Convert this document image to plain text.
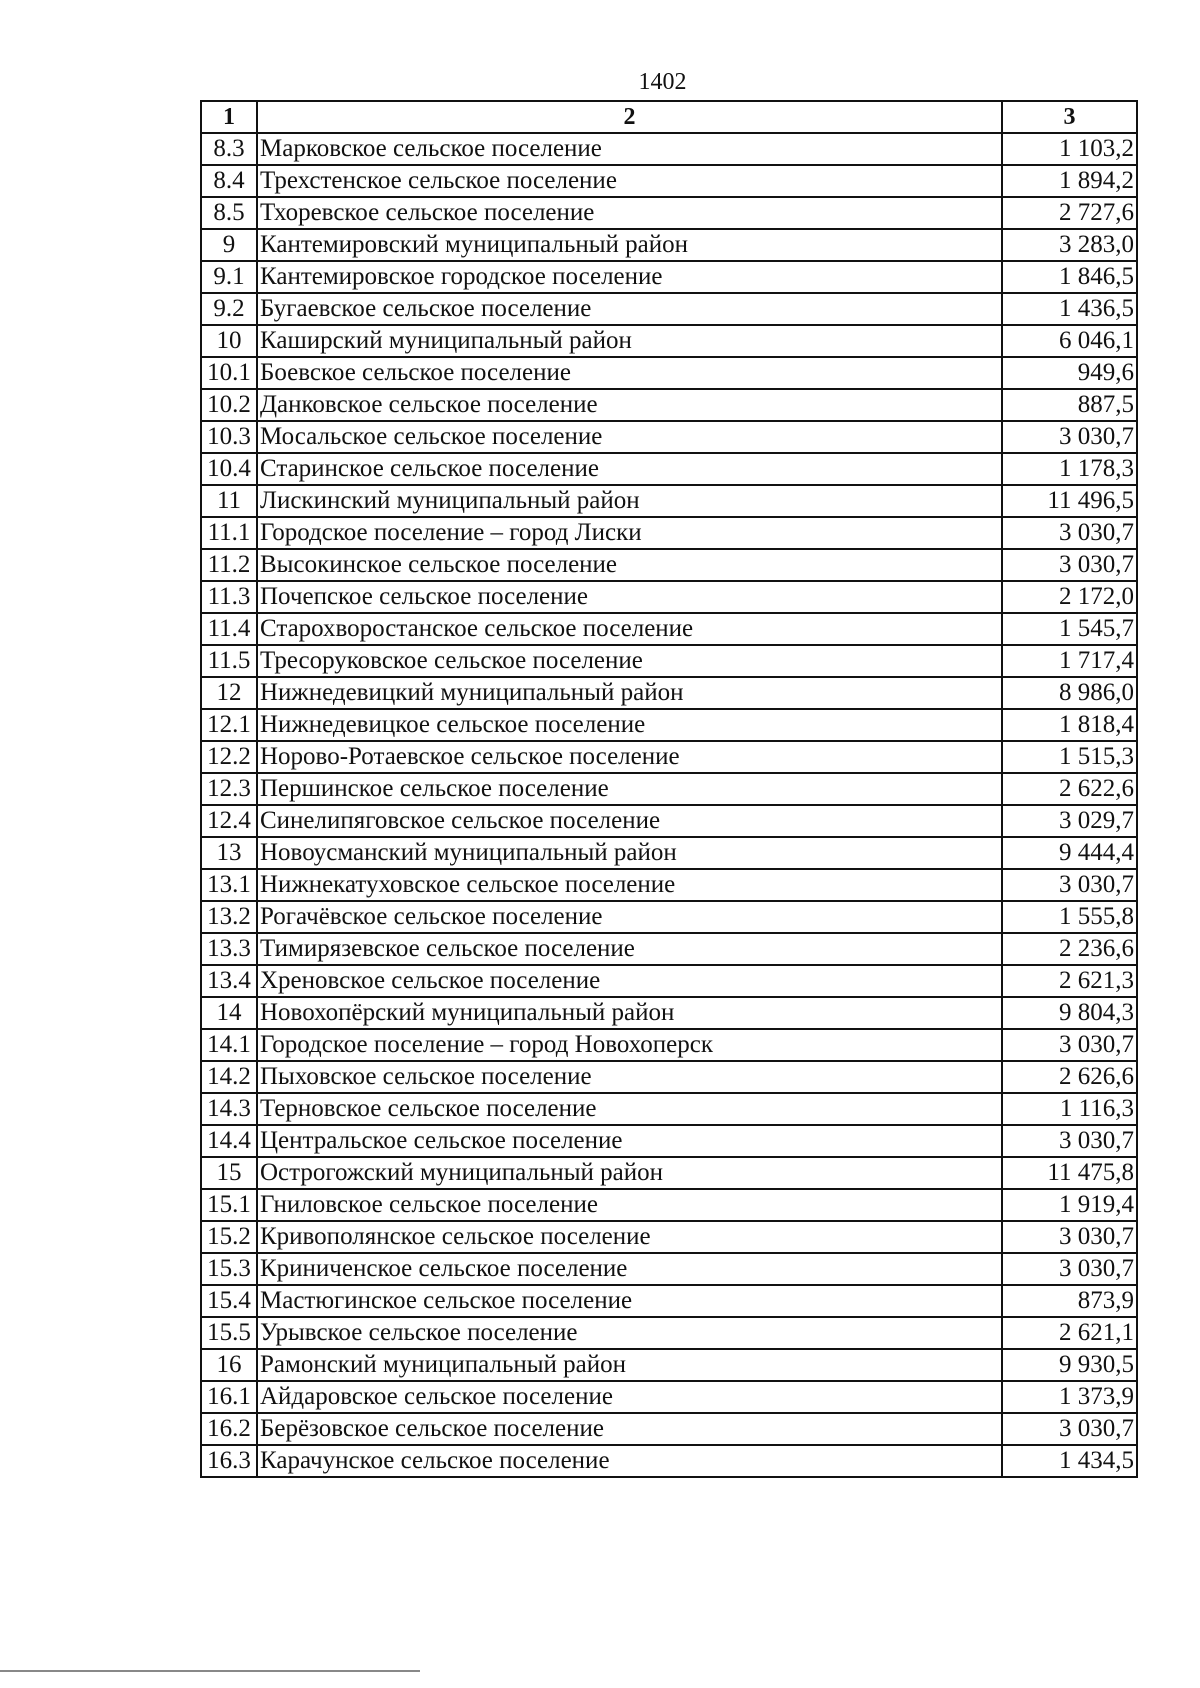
1402
1	2	3
8.3	Марковское сельское поселение	1 103,2
8.4	Трехстенское сельское поселение	1 894,2
8.5	Тхоревское сельское поселение	2 727,6
9	Кантемировский муниципальный район	3 283,0
9.1	Кантемировское городское поселение	1 846,5
9.2	Бугаевское сельское поселение	1 436,5
10	Каширский муниципальный район	6 046,1
10.1	Боевское сельское поселение	949,6
10.2	Данковское сельское поселение	887,5
10.3	Мосальское сельское поселение	3 030,7
10.4	Старинское сельское поселение	1 178,3
11	Лискинский муниципальный район	11 496,5
11.1	Городское поселение – город Лиски	3 030,7
11.2	Высокинское сельское поселение	3 030,7
11.3	Почепское сельское поселение	2 172,0
11.4	Старохворостанское сельское поселение	1 545,7
11.5	Тресоруковское сельское поселение	1 717,4
12	Нижнедевицкий муниципальный район	8 986,0
12.1	Нижнедевицкое сельское поселение	1 818,4
12.2	Норово-Ротаевское сельское поселение	1 515,3
12.3	Першинское сельское поселение	2 622,6
12.4	Синелипяговское сельское поселение	3 029,7
13	Новоусманский муниципальный район	9 444,4
13.1	Нижнекатуховское сельское поселение	3 030,7
13.2	Рогачёвское сельское поселение	1 555,8
13.3	Тимирязевское сельское поселение	2 236,6
13.4	Хреновское сельское поселение	2 621,3
14	Новохопёрский муниципальный район	9 804,3
14.1	Городское поселение – город Новохоперск	3 030,7
14.2	Пыховское сельское поселение	2 626,6
14.3	Терновское сельское поселение	1 116,3
14.4	Центральское сельское поселение	3 030,7
15	Острогожский муниципальный район	11 475,8
15.1	Гниловское сельское поселение	1 919,4
15.2	Кривополянское сельское поселение	3 030,7
15.3	Криниченское сельское поселение	3 030,7
15.4	Мастюгинское сельское поселение	873,9
15.5	Урывское сельское поселение	2 621,1
16	Рамонский муниципальный район	9 930,5
16.1	Айдаровское сельское поселение	1 373,9
16.2	Берёзовское сельское поселение	3 030,7
16.3	Карачунское сельское поселение	1 434,5
